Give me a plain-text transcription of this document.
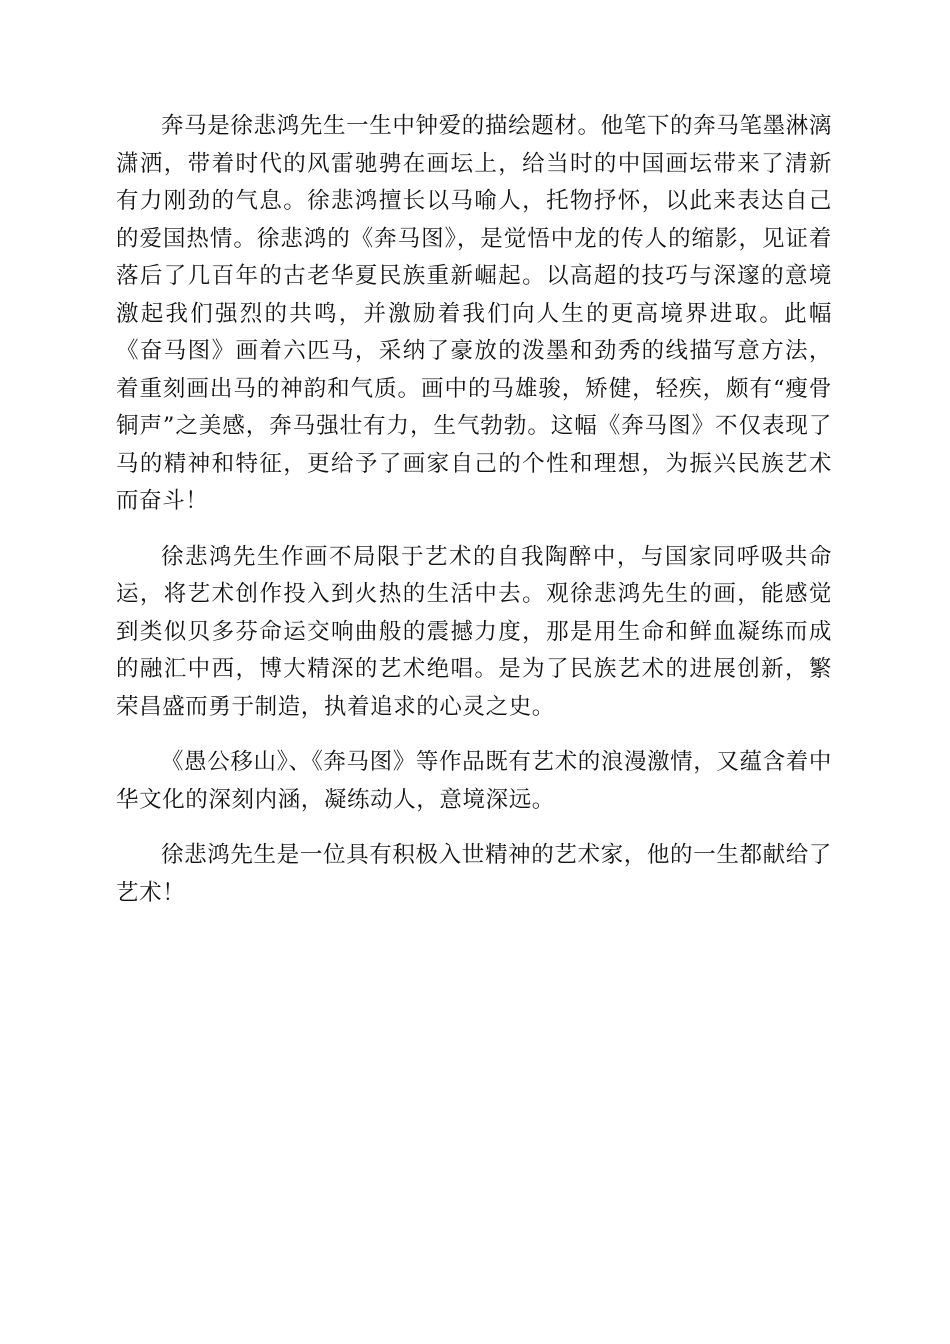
奔马是徐悲鸿先生一生中钟爱的描绘题材。他笔下的奔马笔墨淋漓潇洒，带着时代的风雷驰骋在画坛上，给当时的中国画坛带来了清新有力刚劲的气息。徐悲鸿擅长以马喻人，托物抒怀，以此来表达自己的爱国热情。徐悲鸿的《奔马图》，是觉悟中龙的传人的缩影，见证着落后了几百年的古老华夏民族重新崛起。以高超的技巧与深邃的意境激起我们强烈的共鸣，并激励着我们向人生的更高境界进取。此幅《奋马图》画着六匹马，采纳了豪放的泼墨和劲秀的线描写意方法，着重刻画出马的神韵和气质。画中的马雄骏，矫健，轻疾，颇有“瘦骨铜声”之美感，奔马强壮有力，生气勃勃。这幅《奔马图》不仅表现了马的精神和特征，更给予了画家自己的个性和理想，为振兴民族艺术而奋斗！

徐悲鸿先生作画不局限于艺术的自我陶醉中，与国家同呼吸共命运，将艺术创作投入到火热的生活中去。观徐悲鸿先生的画，能感觉到类似贝多芬命运交响曲般的震撼力度，那是用生命和鲜血凝练而成的融汇中西，博大精深的艺术绝唱。是为了民族艺术的进展创新，繁荣昌盛而勇于制造，执着追求的心灵之史。

《愚公移山》、《奔马图》等作品既有艺术的浪漫激情，又蕴含着中华文化的深刻内涵，凝练动人，意境深远。

徐悲鸿先生是一位具有积极入世精神的艺术家，他的一生都献给了艺术！
